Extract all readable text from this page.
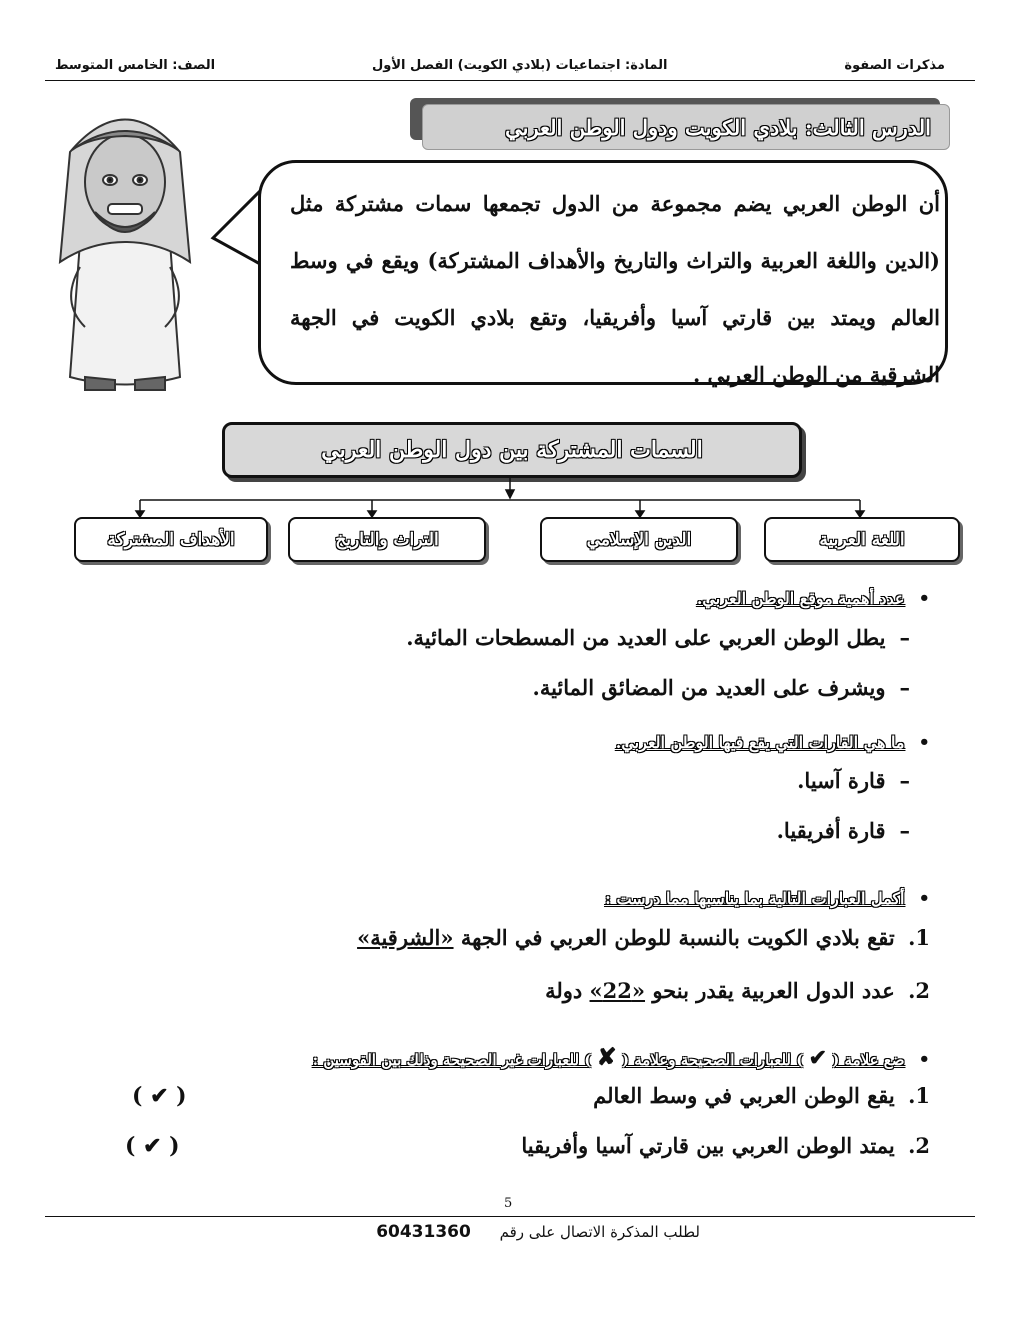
مذكرات الصفوة
المادة: اجتماعيات (بلادي الكويت) الفصل الأول
الصف: الخامس المتوسط
الدرس الثالث: بلادي الكويت ودول الوطن العربي
أن الوطن العربي يضم مجموعة من الدول تجمعها سمات مشتركة مثل (الدين واللغة العربية والتراث والتاريخ والأهداف المشتركة) ويقع في وسط العالم ويمتد بين قارتي آسيا وأفريقيا، وتقع بلادي الكويت في الجهة الشرقية من الوطن العربي .
السمات المشتركة بين دول الوطن العربي
اللغة العربية
الدين الإسلامي
التراث والتاريخ
الأهداف المشتركة
•عدد أهمية موقع الوطن العربي.
–يطل الوطن العربي على العديد من المسطحات المائية.
–ويشرف على العديد من المضائق المائية.
•ما هي القارات التي يقع فيها الوطن العربي.
–قارة آسيا.
–قارة أفريقيا.
•أكمل العبارات التالية بما يناسبها مما درست :
1. تقع بلادي الكويت بالنسبة للوطن العربي في الجهة «الشرقية»
2. عدد الدول العربية يقدر بنحو «22» دولة
•ضع علامة ( ✔ ) للعبارات الصحيحة وعلامة ( ✘ ) للعبارات غير الصحيحة وذلك بين القوسين :
1. يقع الوطن العربي في وسط العالم
( ✔ )
2. يمتد الوطن العربي بين قارتي آسيا وأفريقيا
( ✔ )
5
لطلب المذكرة الاتصال على رقم 60431360
